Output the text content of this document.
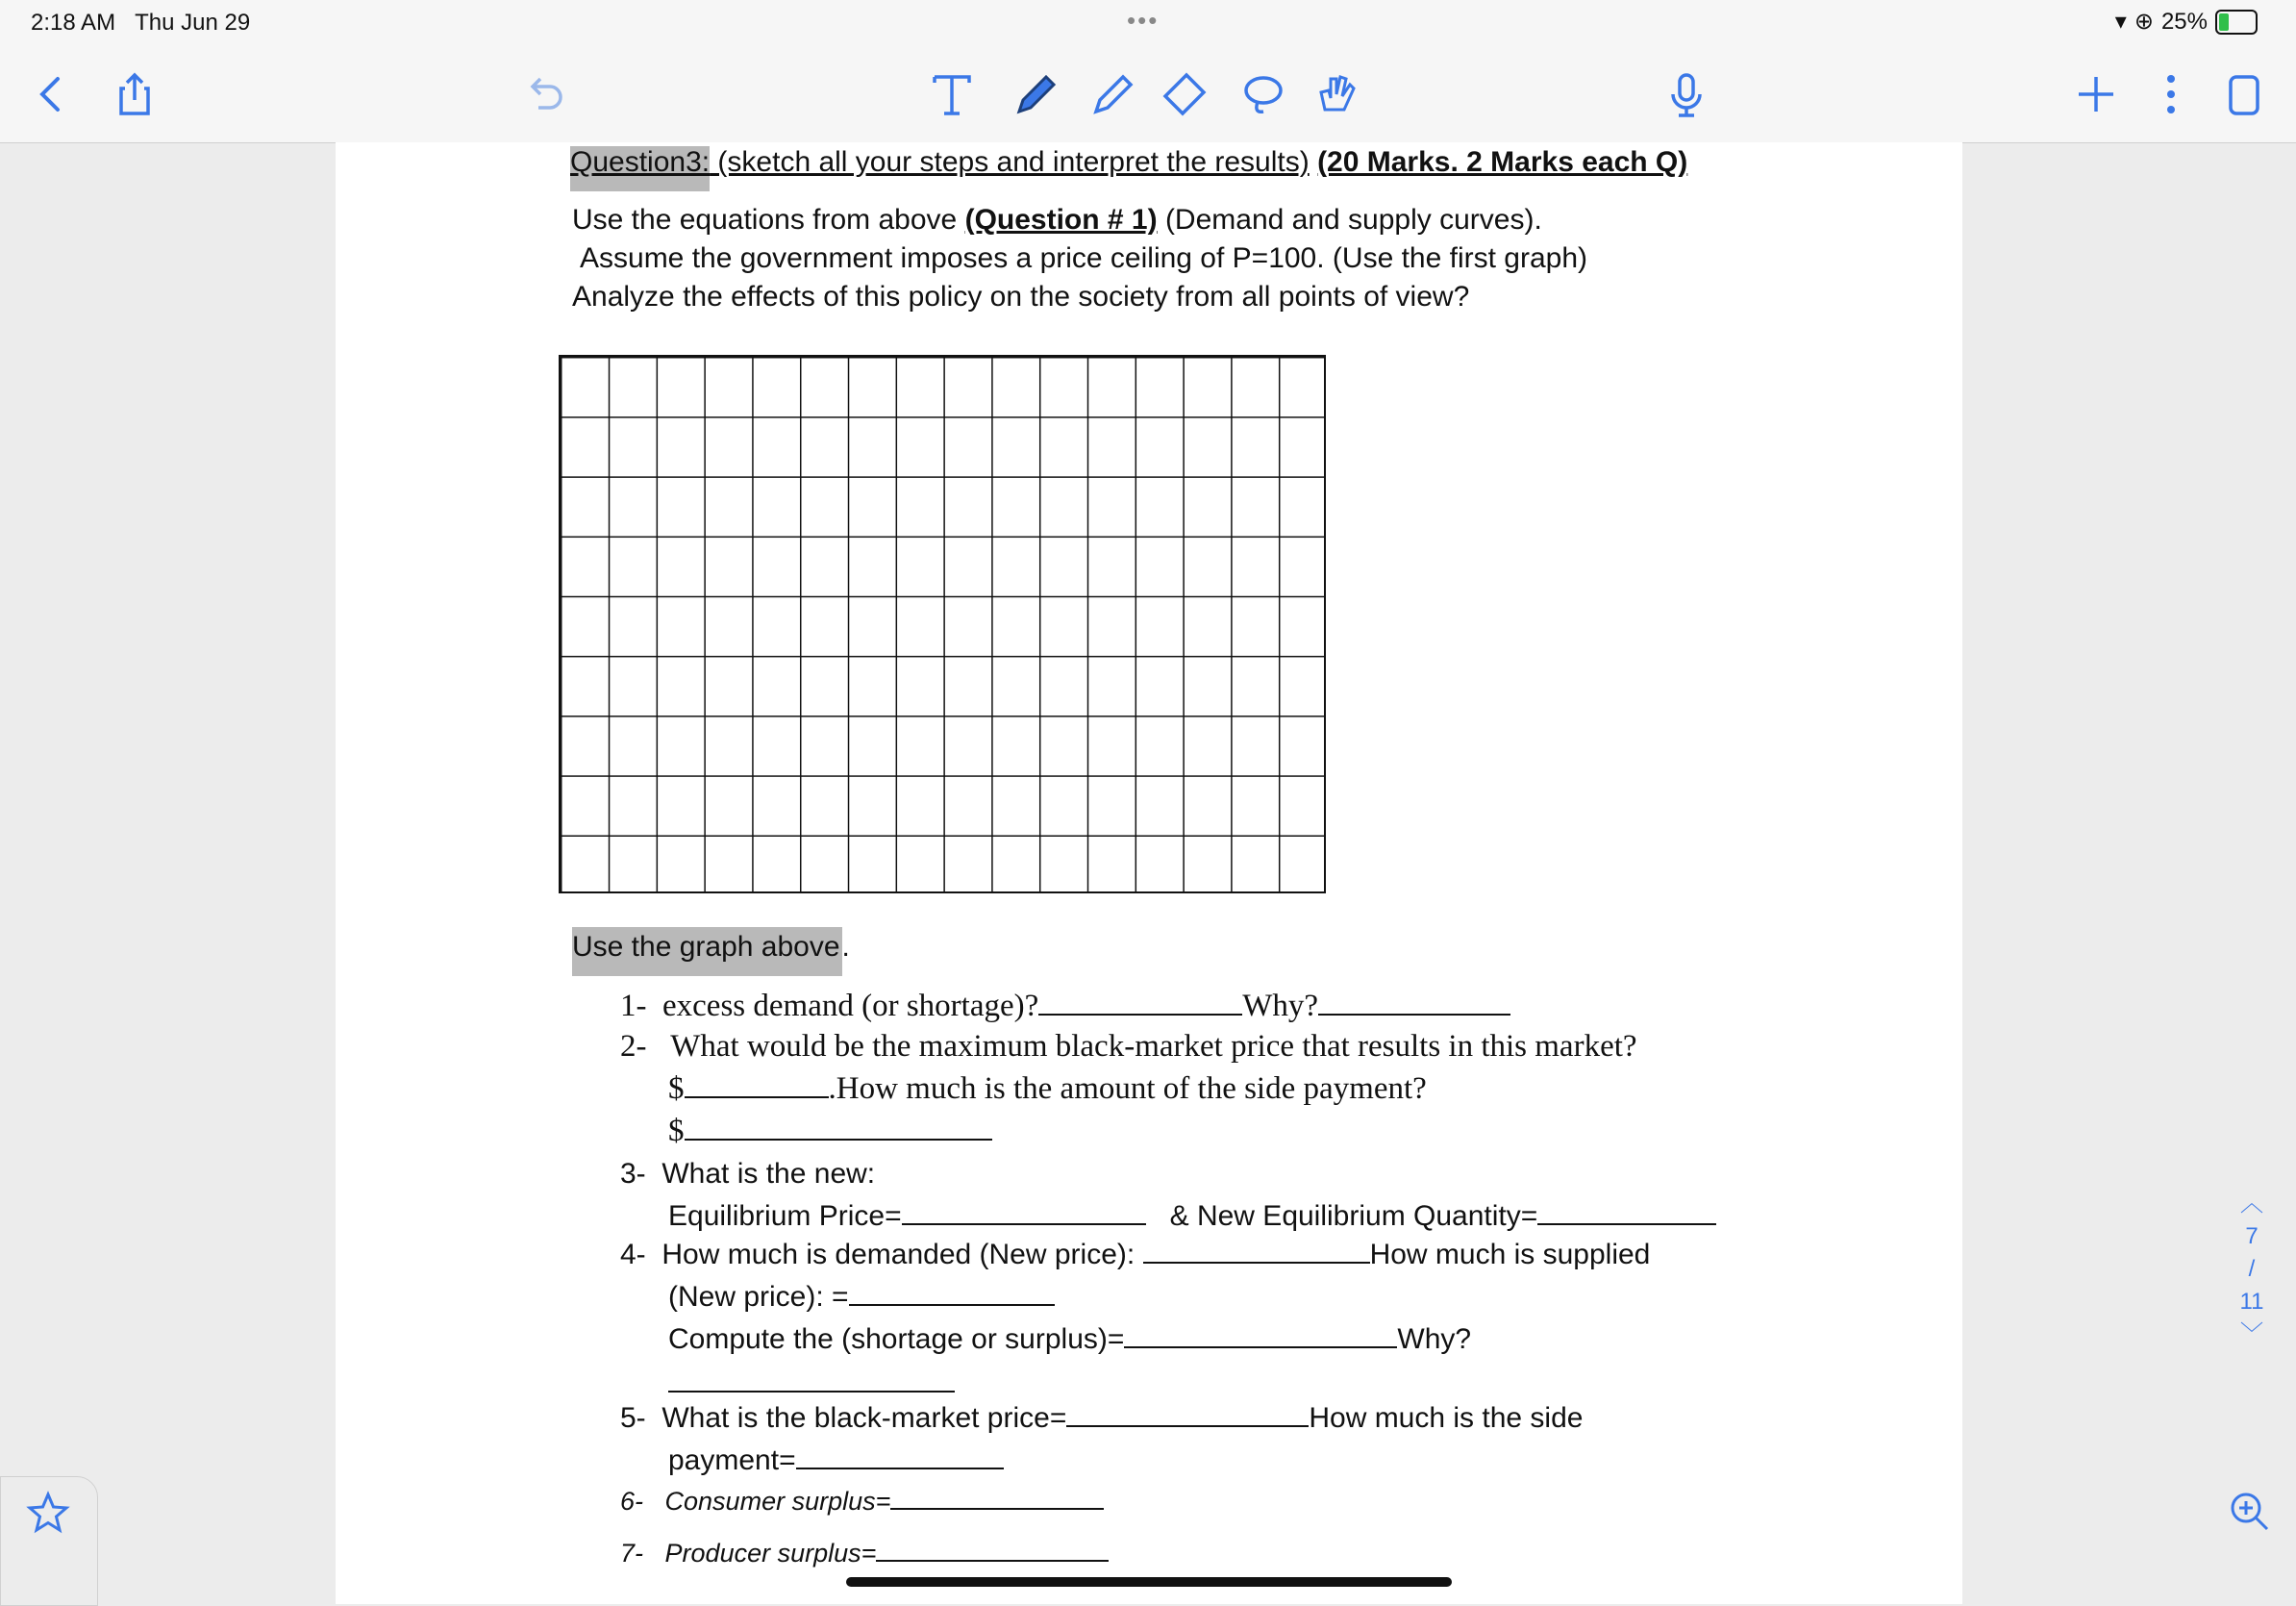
2:18 AM Thu Jun 29	•••	▾ ⊕ 25%
Question3: (sketch all your steps and interpret the results) (20 Marks. 2 Marks each Q)
Use the equations from above (Question # 1) (Demand and supply curves).
Assume the government imposes a price ceiling of P=100. (Use the first graph)
Analyze the effects of this policy on the society from all points of view?
Use the graph above.
1- excess demand (or shortage)?	Why?
2- What would be the maximum black-market price that results in this market?
$	.How much is the amount of the side payment?
$
3- What is the new:
Equilibrium Price=	& New Equilibrium Quantity=
4- How much is demanded (New price):	How much is supplied
(New price): =
Compute the (shortage or surplus)=	Why?
5- What is the black-market price=	How much is the side
payment=
6- Consumer surplus=
7- Producer surplus=
︿
7
/
11
﹀
